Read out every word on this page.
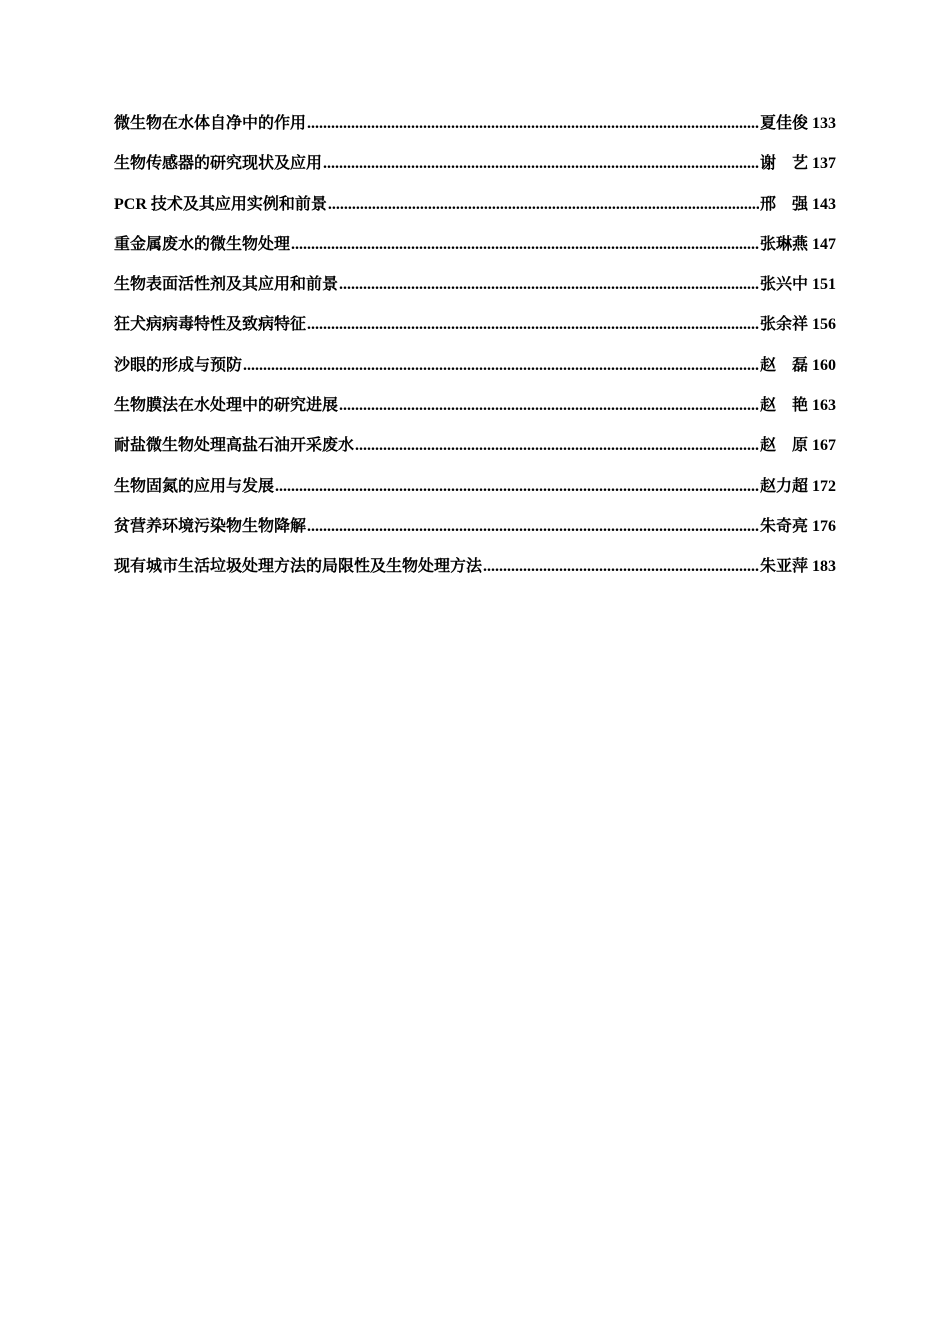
微生物在水体自净中的作用 .....	夏佳俊 133
生物传感器的研究现状及应用 .....	谢　艺 137
PCR 技术及其应用实例和前景 .....	邢　强 143
重金属废水的微生物处理 .....	张琳燕 147
生物表面活性剂及其应用和前景 .....	张兴中 151
狂犬病病毒特性及致病特征 .....	张余祥 156
沙眼的形成与预防 .....	赵　磊 160
生物膜法在水处理中的研究进展 .....	赵　艳 163
耐盐微生物处理高盐石油开采废水 .....	赵　原 167
生物固氮的应用与发展 .....	赵力超 172
贫营养环境污染物生物降解 .....	朱奇亮 176
现有城市生活垃圾处理方法的局限性及生物处理方法 .....	朱亚萍 183
